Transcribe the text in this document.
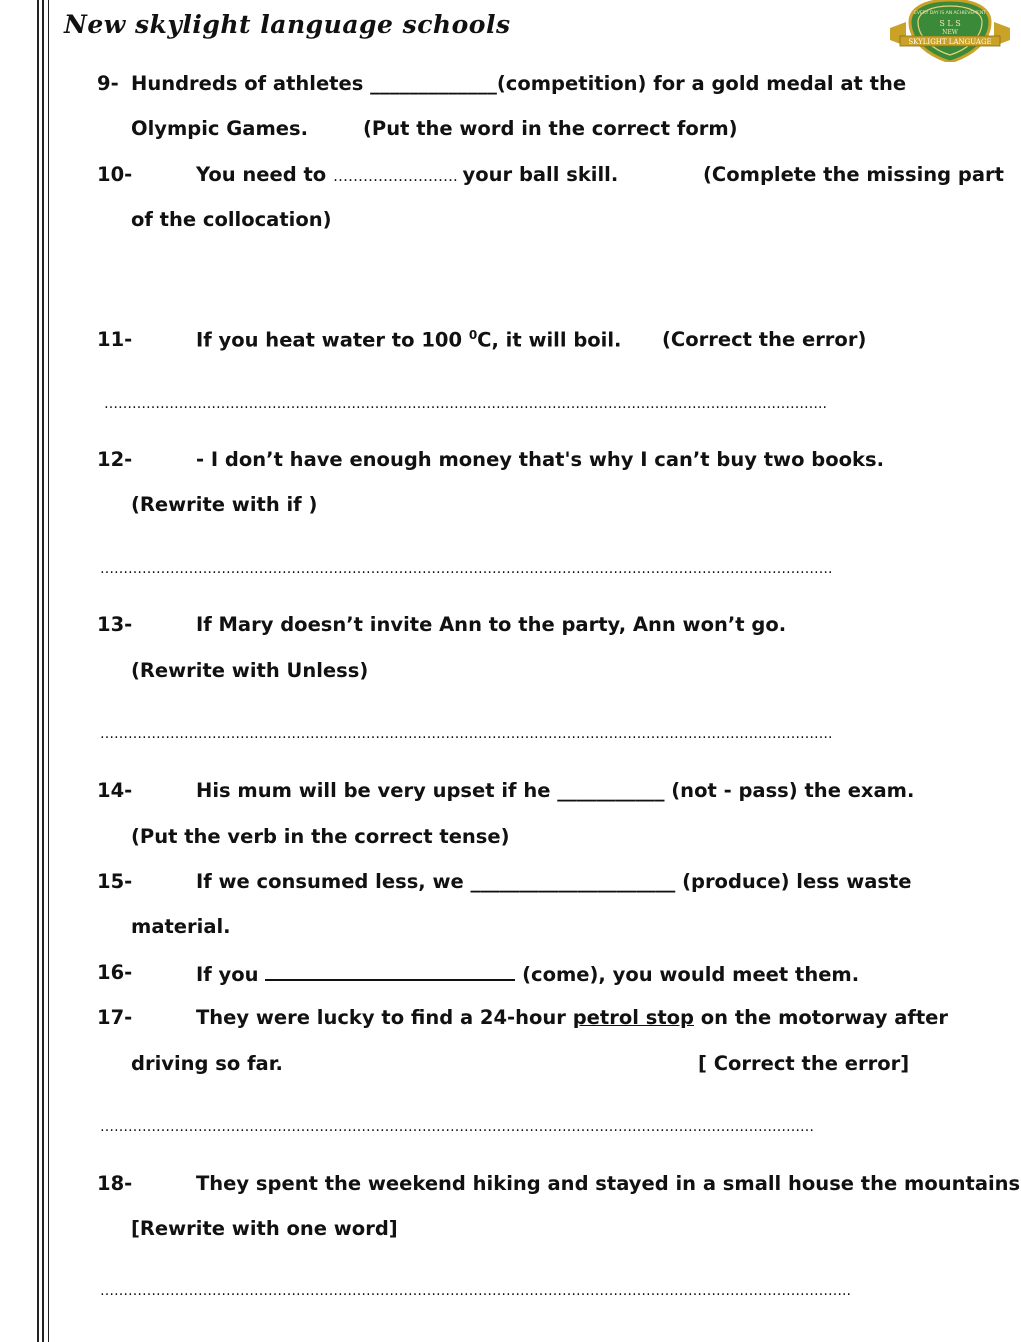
New skylight language schools	EVERY DAY IS AN ACHIEVEMENT
S L S
NEW
SKYLIGHT LANGUAGE
9- Hundreds of athletes _____________(competition) for a gold medal at the
Olympic Games.	(Put the word in the correct form)
10-	You need to ……………………. your ball skill.	(Complete the missing part
of the collocation)
11-	If you heat water to 100 $^0$C, it will boil. (Correct the error)
………………………………………………………………………………………………………………………………………..
12-	- I don’t have enough money that's why I can’t buy two books.
(Rewrite with if )
………………………………………………………………………………………………………………………………………….
13-	If Mary doesn’t invite Ann to the party, Ann won’t go.
(Rewrite with Unless)
………………………………………………………………………………………………………………………………………….
14-	His mum will be very upset if he ___________ (not - pass) the exam.
(Put the verb in the correct tense)
15-	If we consumed less, we _____________________ (produce) less waste
material.
16-	If you	(come), you would meet them.
17-	They were lucky to find a 24-hour petrol stop on the motorway after
driving so far.	[ Correct the error]
………………………………………………………………………………………………………………………………………
18-	They spent the weekend hiking and stayed in a small house the mountains
[Rewrite with one word]
……………………………………………………………………………………………………………………………………………..
